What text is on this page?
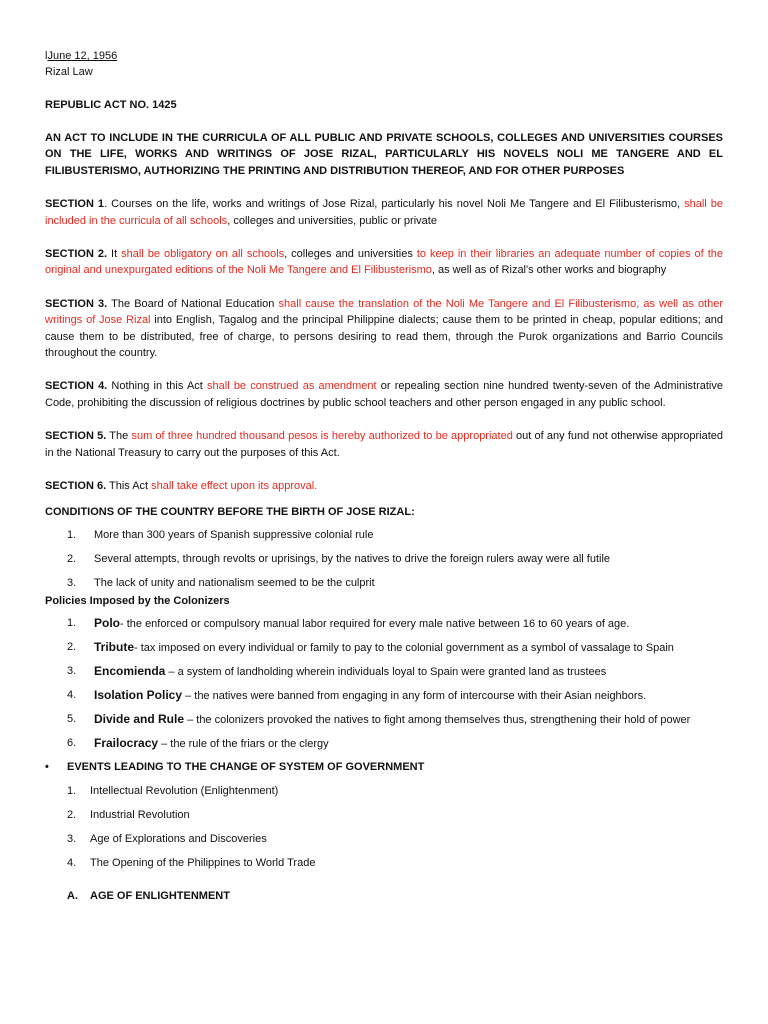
lJune 12, 1956
Rizal Law

REPUBLIC ACT NO. 1425

AN ACT TO INCLUDE IN THE CURRICULA OF ALL PUBLIC AND PRIVATE SCHOOLS, COLLEGES AND UNIVERSITIES COURSES ON THE LIFE, WORKS AND WRITINGS OF JOSE RIZAL, PARTICULARLY HIS NOVELS NOLI ME TANGERE AND EL FILIBUSTERISMO, AUTHORIZING THE PRINTING AND DISTRIBUTION THEREOF, AND FOR OTHER PURPOSES

SECTION 1. Courses on the life, works and writings of Jose Rizal, particularly his novel Noli Me Tangere and El Filibusterismo, shall be included in the curricula of all schools, colleges and universities, public or private

SECTION 2. It shall be obligatory on all schools, colleges and universities to keep in their libraries an adequate number of copies of the original and unexpurgated editions of the Noli Me Tangere and El Filibusterismo, as well as of Rizal's other works and biography

SECTION 3. The Board of National Education shall cause the translation of the Noli Me Tangere and El Filibusterismo, as well as other writings of Jose Rizal into English, Tagalog and the principal Philippine dialects; cause them to be printed in cheap, popular editions; and cause them to be distributed, free of charge, to persons desiring to read them, through the Purok organizations and Barrio Councils throughout the country.

SECTION 4. Nothing in this Act shall be construed as amendment or repealing section nine hundred twenty-seven of the Administrative Code, prohibiting the discussion of religious doctrines by public school teachers and other person engaged in any public school.

SECTION 5. The sum of three hundred thousand pesos is hereby authorized to be appropriated out of any fund not otherwise appropriated in the National Treasury to carry out the purposes of this Act.

SECTION 6. This Act shall take effect upon its approval.

CONDITIONS OF THE COUNTRY BEFORE THE BIRTH OF JOSE RIZAL:

1. More than 300 years of Spanish suppressive colonial rule
2. Several attempts, through revolts or uprisings, by the natives to drive the foreign rulers away were all futile
3. The lack of unity and nationalism seemed to be the culprit

Policies Imposed by the Colonizers

1. Polo- the enforced or compulsory manual labor required for every male native between 16 to 60 years of age.
2. Tribute- tax imposed on every individual or family to pay to the colonial government as a symbol of vassalage to Spain
3. Encomienda – a system of landholding wherein individuals loyal to Spain were granted land as trustees
4. Isolation Policy – the natives were banned from engaging in any form of intercourse with their Asian neighbors.
5. Divide and Rule – the colonizers provoked the natives to fight among themselves thus, strengthening their hold of power
6. Frailocracy – the rule of the friars or the clergy
• EVENTS LEADING TO THE CHANGE OF SYSTEM OF GOVERNMENT
1. Intellectual Revolution (Enlightenment)
2. Industrial Revolution
3. Age of Explorations and Discoveries
4. The Opening of the Philippines to World Trade
A. AGE OF ENLIGHTENMENT
